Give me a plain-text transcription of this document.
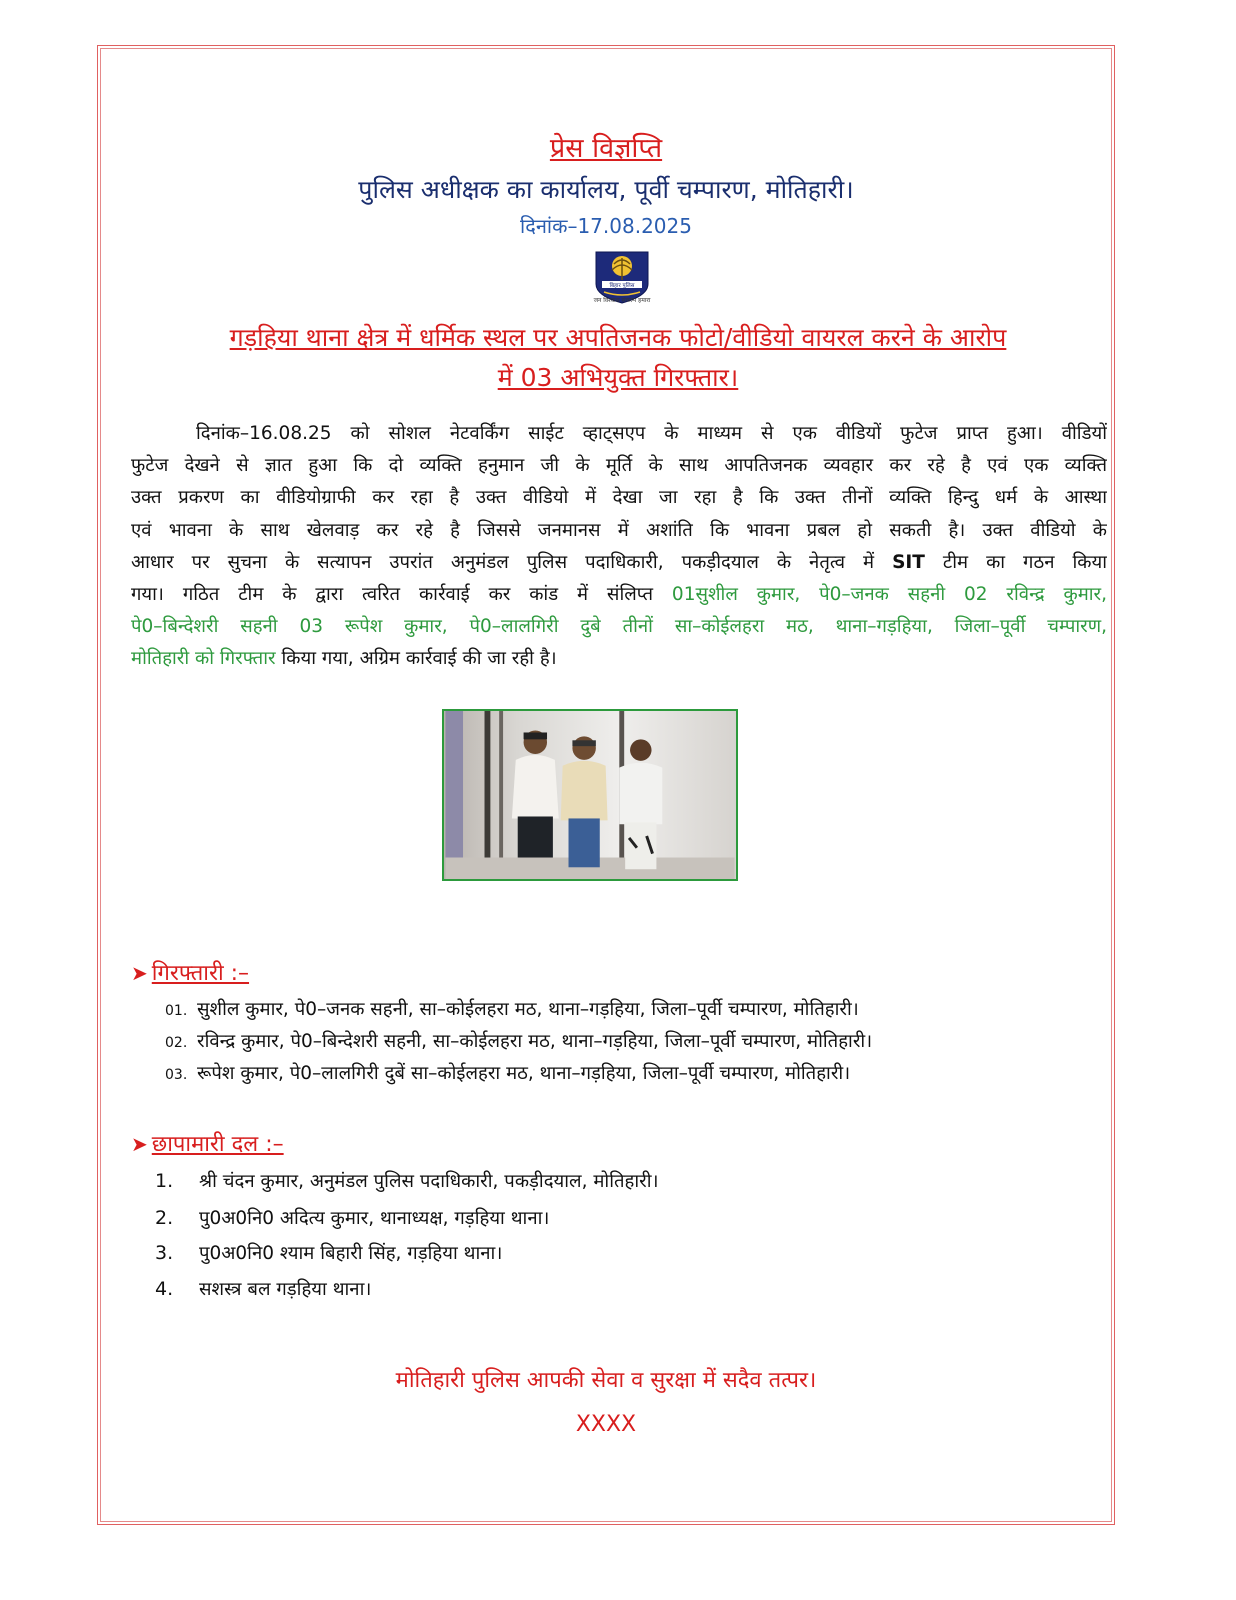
प्रेस विज्ञप्ति
पुलिस अधीक्षक का कार्यालय, पूर्वी चम्पारण, मोतिहारी।
दिनांक–17.08.2025
बिहार पुलिस
जन विश्वास संकल्प हमारा
गड़हिया थाना क्षेत्र में धर्मिक स्थल पर अपतिजनक फोटो/वीडियो वायरल करने के आरोप
में 03 अभियुक्त गिरफ्तार।
दिनांक–16.08.25 को सोशल नेटवर्किंग साईट व्हाट्सएप के माध्यम से एक वीडियों फुटेज प्राप्त हुआ। वीडियों
फुटेज देखने से ज्ञात हुआ कि दो व्यक्ति हनुमान जी के मूर्ति के साथ आपतिजनक व्यवहार कर रहे है एवं एक व्यक्ति
उक्त प्रकरण का वीडियोग्राफी कर रहा है उक्त वीडियो में देखा जा रहा है कि उक्त तीनों व्यक्ति हिन्दु धर्म के आस्था
एवं भावना के साथ खेलवाड़ कर रहे है जिससे जनमानस में अशांति कि भावना प्रबल हो सकती है। उक्त वीडियो के
आधार पर सुचना के सत्यापन उपरांत अनुमंडल पुलिस पदाधिकारी, पकड़ीदयाल के नेतृत्व में SIT टीम का गठन किया
गया। गठित टीम के द्वारा त्वरित कार्रवाई कर कांड में संलिप्त 01सुशील कुमार, पे0–जनक सहनी 02 रविन्द्र कुमार,
पे0–बिन्देशरी सहनी 03 रूपेश कुमार, पे0–लालगिरी दुबे तीनों सा–कोईलहरा मठ, थाना–गड़हिया, जिला–पूर्वी चम्पारण,
मोतिहारी को गिरफ्तार किया गया, अग्रिम कार्रवाई की जा रही है।
➤ गिरफ्तारी :–
01. सुशील कुमार, पे0–जनक सहनी, सा–कोईलहरा मठ, थाना–गड़हिया, जिला–पूर्वी चम्पारण, मोतिहारी।
02. रविन्द्र कुमार, पे0–बिन्देशरी सहनी, सा–कोईलहरा मठ, थाना–गड़हिया, जिला–पूर्वी चम्पारण, मोतिहारी।
03. रूपेश कुमार, पे0–लालगिरी दुबें सा–कोईलहरा मठ, थाना–गड़हिया, जिला–पूर्वी चम्पारण, मोतिहारी।
➤ छापामारी दल :–
1. श्री चंदन कुमार, अनुमंडल पुलिस पदाधिकारी, पकड़ीदयाल, मोतिहारी।
2. पु0अ0नि0 अदित्य कुमार, थानाध्यक्ष, गड़हिया थाना।
3. पु0अ0नि0 श्याम बिहारी सिंह, गड़हिया थाना।
4. सशस्त्र बल गड़हिया थाना।
मोतिहारी पुलिस आपकी सेवा व सुरक्षा में सदैव तत्पर।
XXXX
